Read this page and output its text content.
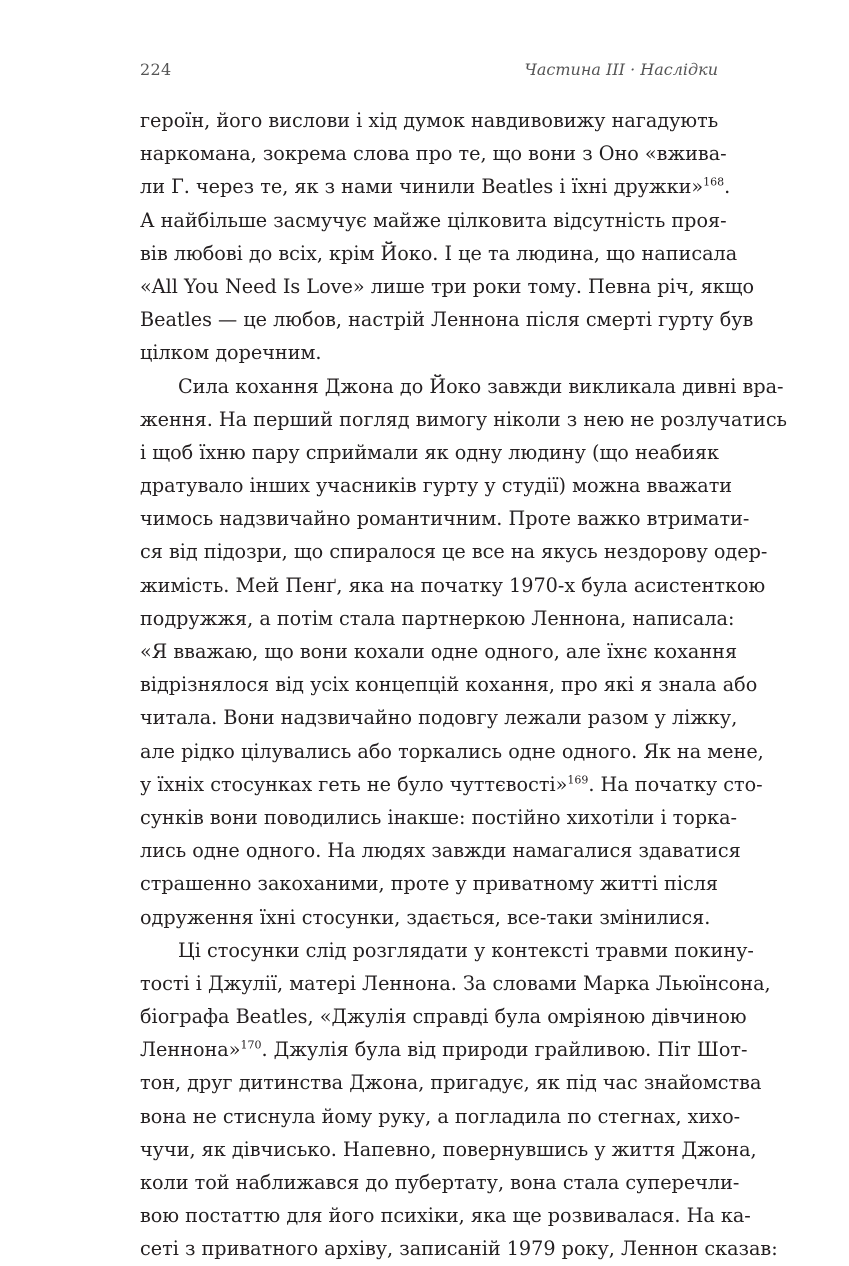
224	Частина ІІІ · Наслідки
героїн, його вислови і хід думок навдивовижу нагадують
наркомана, зокрема слова про те, що вони з Оно «вжива-
ли Г. через те, як з нами чинили Beatles і їхні дружки»$^{168}$.
А найбільше засмучує майже цілковита відсутність проя-
вів любові до всіх, крім Йоко. І це та людина, що написала
«All You Need Is Love» лише три роки тому. Певна річ, якщо
Beatles — це любов, настрій Леннона після смерті гурту був
цілком доречним.
Сила кохання Джона до Йоко завжди викликала дивні вра-
ження. На перший погляд вимогу ніколи з нею не розлучатись
і щоб їхню пару сприймали як одну людину (що неабияк
дратувало інших учасників гурту у студії) можна вважати
чимось надзвичайно романтичним. Проте важко втримати-
ся від підозри, що спиралося це все на якусь нездорову одер-
жимість. Мей Пенґ, яка на початку 1970-х була асистенткою
подружжя, а потім стала партнеркою Леннона, написала:
«Я вважаю, що вони кохали одне одного, але їхнє кохання
відрізнялося від усіх концепцій кохання, про які я знала або
читала. Вони надзвичайно подовгу лежали разом у ліжку,
але рідко цілувались або торкались одне одного. Як на мене,
у їхніх стосунках геть не було чуттєвості»$^{169}$. На початку сто-
сунків вони поводились інакше: постійно хихотіли і торка-
лись одне одного. На людях завжди намагалися здаватися
страшенно закоханими, проте у приватному житті після
одруження їхні стосунки, здається, все-таки змінилися.
Ці стосунки слід розглядати у контексті травми покину-
тості і Джулії, матері Леннона. За словами Марка Льюїнсона,
біографа Beatles, «Джулія справді була омріяною дівчиною
Леннона»$^{170}$. Джулія була від природи грайливою. Піт Шот-
тон, друг дитинства Джона, пригадує, як під час знайомства
вона не стиснула йому руку, а погладила по стегнах, хихо-
чучи, як дівчисько. Напевно, повернувшись у життя Джона,
коли той наближався до пубертату, вона стала суперечли-
вою постаттю для його психіки, яка ще розвивалася. На ка-
сеті з приватного архіву, записаній 1979 року, Леннон сказав:
